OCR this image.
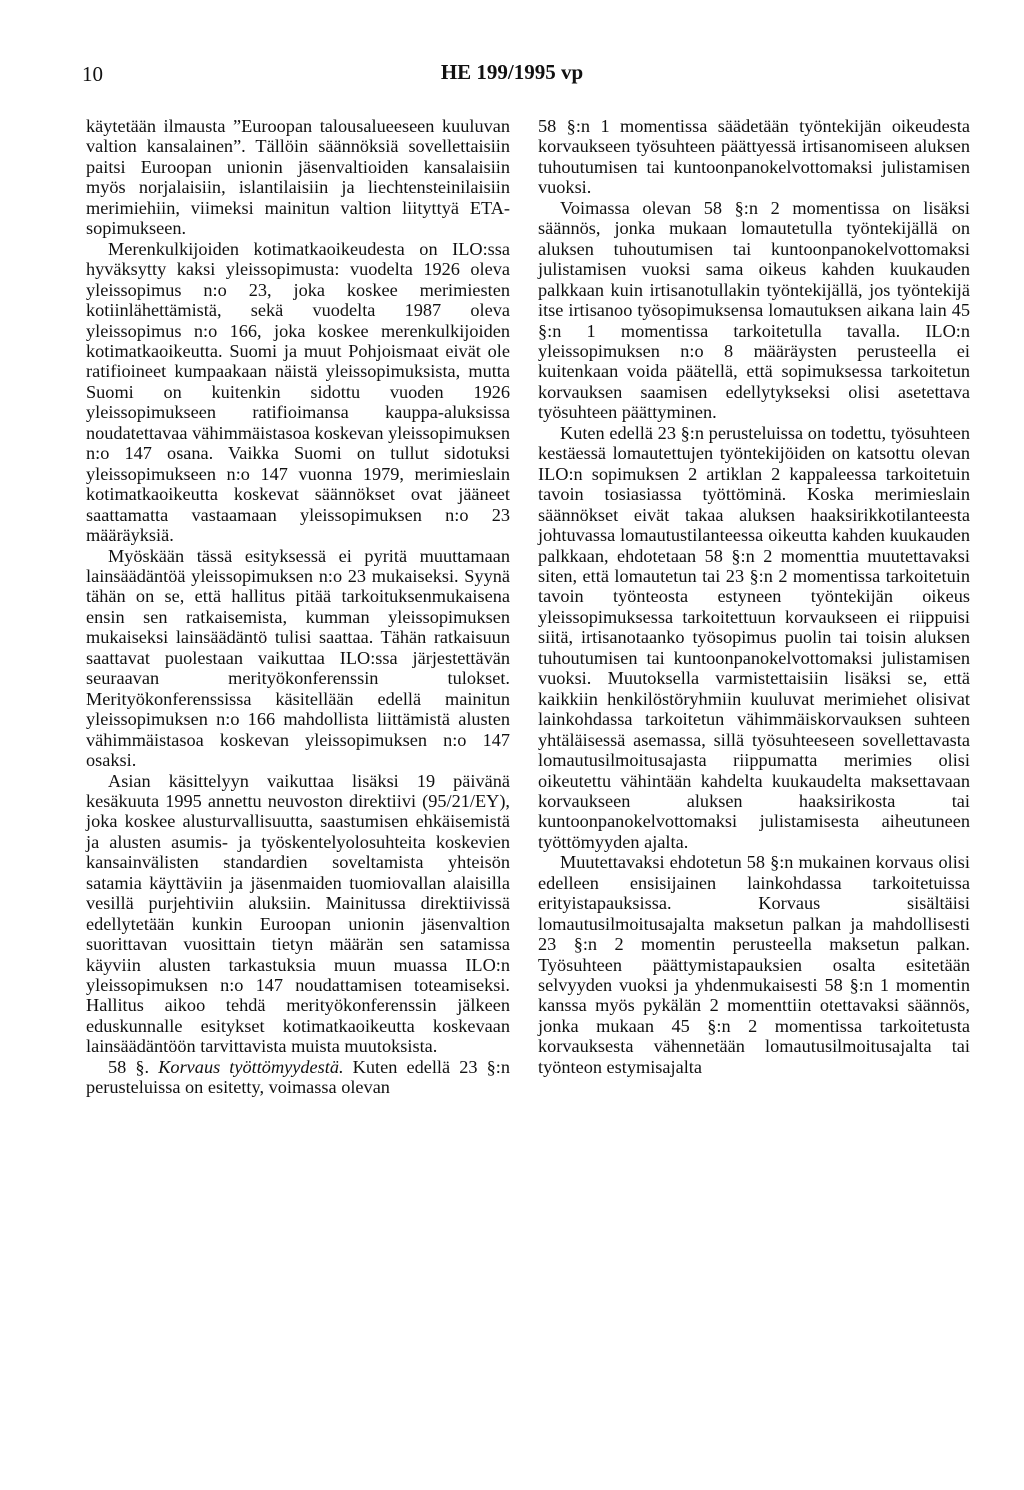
10	HE 199/1995 vp

käytetään ilmausta ”Euroopan talousalueeseen kuuluvan valtion kansalainen”. Tällöin säännöksiä sovellettaisiin paitsi Euroopan unionin jäsenvaltioiden kansalaisiin myös norjalaisiin, islantilaisiin ja liechtensteinilaisiin merimiehiin, viimeksi mainitun valtion liityttyä ETA-sopimukseen.

Merenkulkijoiden kotimatkaoikeudesta on ILO:ssa hyväksytty kaksi yleissopimusta: vuodelta 1926 oleva yleissopimus n:o 23, joka koskee merimiesten kotiinlähettämistä, sekä vuodelta 1987 oleva yleissopimus n:o 166, joka koskee merenkulkijoiden kotimatkaoikeutta. Suomi ja muut Pohjoismaat eivät ole ratifioineet kumpaakaan näistä yleissopimuksista, mutta Suomi on kuitenkin sidottu vuoden 1926 yleissopimukseen ratifioimansa kauppa-aluksissa noudatettavaa vähimmäistasoa koskevan yleissopimuksen n:o 147 osana. Vaikka Suomi on tullut sidotuksi yleissopimukseen n:o 147 vuonna 1979, merimieslain kotimatkaoikeutta koskevat säännökset ovat jääneet saattamatta vastaamaan yleissopimuksen n:o 23 määräyksiä.

Myöskään tässä esityksessä ei pyritä muuttamaan lainsäädäntöä yleissopimuksen n:o 23 mukaiseksi. Syynä tähän on se, että hallitus pitää tarkoituksenmukaisena ensin sen ratkaisemista, kumman yleissopimuksen mukaiseksi lainsäädäntö tulisi saattaa. Tähän ratkaisuun saattavat puolestaan vaikuttaa ILO:ssa järjestettävän seuraavan merityökonferenssin tulokset. Merityökonferenssissa käsitellään edellä mainitun yleissopimuksen n:o 166 mahdollista liittämistä alusten vähimmäistasoa koskevan yleissopimuksen n:o 147 osaksi.

Asian käsittelyyn vaikuttaa lisäksi 19 päivänä kesäkuuta 1995 annettu neuvoston direktiivi (95/21/EY), joka koskee alusturvallisuutta, saastumisen ehkäisemistä ja alusten asumis- ja työskentelyolosuhteita koskevien kansainvälisten standardien soveltamista yhteisön satamia käyttäviin ja jäsenmaiden tuomiovallan alaisilla vesillä purjehtiviin aluksiin. Mainitussa direktiivissä edellytetään kunkin Euroopan unionin jäsenvaltion suorittavan vuosittain tietyn määrän sen satamissa käyviin alusten tarkastuksia muun muassa ILO:n yleissopimuksen n:o 147 noudattamisen toteamiseksi. Hallitus aikoo tehdä merityökonferenssin jälkeen eduskunnalle esitykset kotimatkaoikeutta koskevaan lainsäädäntöön tarvittavista muista muutoksista.

58 §. Korvaus työttömyydestä. Kuten edellä 23 §:n perusteluissa on esitetty, voimassa olevan

58 §:n 1 momentissa säädetään työntekijän oikeudesta korvaukseen työsuhteen päättyessä irtisanomiseen aluksen tuhoutumisen tai kuntoonpanokelvottomaksi julistamisen vuoksi.

Voimassa olevan 58 §:n 2 momentissa on lisäksi säännös, jonka mukaan lomautetulla työntekijällä on aluksen tuhoutumisen tai kuntoonpanokelvottomaksi julistamisen vuoksi sama oikeus kahden kuukauden palkkaan kuin irtisanotullakin työntekijällä, jos työntekijä itse irtisanoo työsopimuksensa lomautuksen aikana lain 45 §:n 1 momentissa tarkoitetulla tavalla. ILO:n yleissopimuksen n:o 8 määräysten perusteella ei kuitenkaan voida päätellä, että sopimuksessa tarkoitetun korvauksen saamisen edellytykseksi olisi asetettava työsuhteen päättyminen.

Kuten edellä 23 §:n perusteluissa on todettu, työsuhteen kestäessä lomautettujen työntekijöiden on katsottu olevan ILO:n sopimuksen 2 artiklan 2 kappaleessa tarkoitetuin tavoin tosiasiassa työttöminä. Koska merimieslain säännökset eivät takaa aluksen haaksirikkotilanteesta johtuvassa lomautustilanteessa oikeutta kahden kuukauden palkkaan, ehdotetaan 58 §:n 2 momenttia muutettavaksi siten, että lomautetun tai 23 §:n 2 momentissa tarkoitetuin tavoin työnteosta estyneen työntekijän oikeus yleissopimuksessa tarkoitettuun korvaukseen ei riippuisi siitä, irtisanotaanko työsopimus puolin tai toisin aluksen tuhoutumisen tai kuntoonpanokelvottomaksi julistamisen vuoksi. Muutoksella varmistettaisiin lisäksi se, että kaikkiin henkilöstöryhmiin kuuluvat merimiehet olisivat lainkohdassa tarkoitetun vähimmäiskorvauksen suhteen yhtäläisessä asemassa, sillä työsuhteeseen sovellettavasta lomautusilmoitusajasta riippumatta merimies olisi oikeutettu vähintään kahdelta kuukaudelta maksettavaan korvaukseen aluksen haaksirikosta tai kuntoonpanokelvottomaksi julistamisesta aiheutuneen työttömyyden ajalta.

Muutettavaksi ehdotetun 58 §:n mukainen korvaus olisi edelleen ensisijainen lainkohdassa tarkoitetuissa erityistapauksissa. Korvaus sisältäisi lomautusilmoitusajalta maksetun palkan ja mahdollisesti 23 §:n 2 momentin perusteella maksetun palkan. Työsuhteen päättymistapauksien osalta esitetään selvyyden vuoksi ja yhdenmukaisesti 58 §:n 1 momentin kanssa myös pykälän 2 momenttiin otettavaksi säännös, jonka mukaan 45 §:n 2 momentissa tarkoitetusta korvauksesta vähennetään lomautusilmoitusajalta tai työnteon estymisajalta
